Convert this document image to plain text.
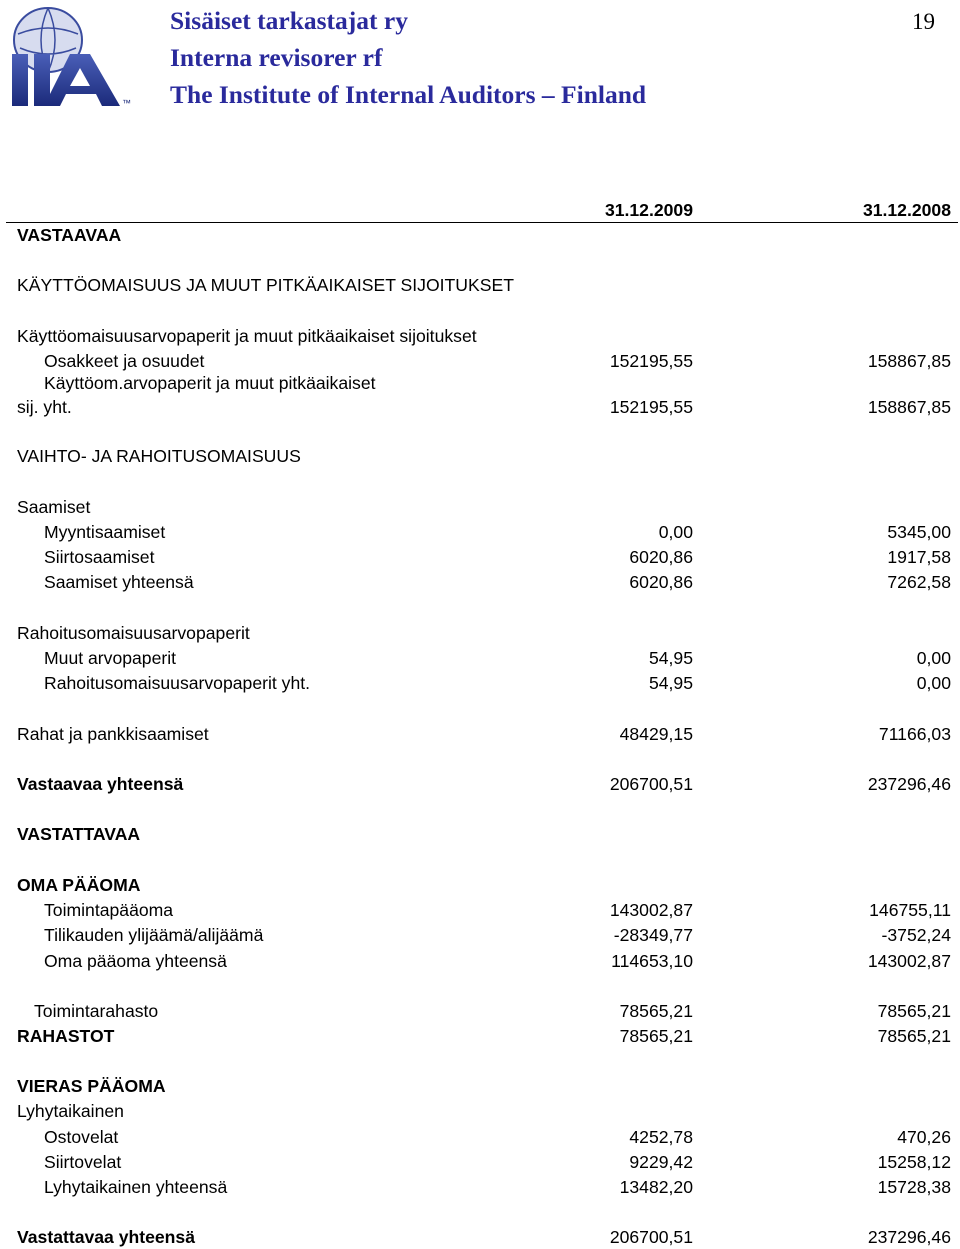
™
Sisäiset tarkastajat ry
Interna revisorer rf
The Institute of Internal Auditors – Finland
19
31.12.2009	31.12.2008
VASTAAVAA
KÄYTTÖOMAISUUS JA MUUT PITKÄAIKAISET SIJOITUKSET
Käyttöomaisuusarvopaperit ja muut pitkäaikaiset sijoitukset
Osakkeet ja osuudet	152195,55	158867,85
Käyttöom.arvopaperit ja muut pitkäaikaiset
sij. yht.	152195,55	158867,85
VAIHTO- JA RAHOITUSOMAISUUS
Saamiset
Myyntisaamiset	0,00	5345,00
Siirtosaamiset	6020,86	1917,58
Saamiset yhteensä	6020,86	7262,58
Rahoitusomaisuusarvopaperit
Muut arvopaperit	54,95	0,00
Rahoitusomaisuusarvopaperit yht.	54,95	0,00
Rahat ja pankkisaamiset	48429,15	71166,03
Vastaavaa yhteensä	206700,51	237296,46
VASTATTAVAA
OMA PÄÄOMA
Toimintapääoma	143002,87	146755,11
Tilikauden ylijäämä/alijäämä	-28349,77	-3752,24
Oma pääoma yhteensä	114653,10	143002,87
Toimintarahasto	78565,21	78565,21
RAHASTOT	78565,21	78565,21
VIERAS PÄÄOMA
Lyhytaikainen
Ostovelat	4252,78	470,26
Siirtovelat	9229,42	15258,12
Lyhytaikainen yhteensä	13482,20	15728,38
Vastattavaa yhteensä	206700,51	237296,46
